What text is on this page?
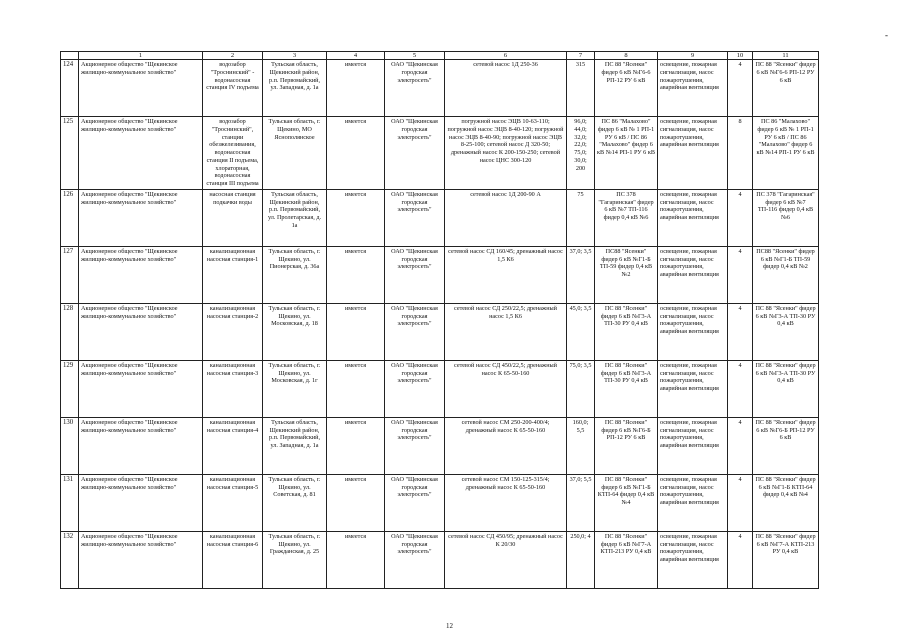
-
	1	2	3	4	5	6	7	8	9	10	11
124	Акционерное общество "Щекинское жилищно-коммунальное хозяйство"	водозабор "Троснинский" - водонасосная станция IV подъема	Тульская область, Щекинский район, р.п. Первомайский, ул. Западная, д. 1а	имеется	ОАО "Щекинская городская электросеть"	сетевой насос 1Д 250-36	315	ПС 88 "Ясенки" фидер 6 кВ №Г6-6 РП-12 РУ 6 кВ	освещение, пожарная сигнализация, насос пожаротушения, аварийная вентиляция	4	ПС 88 "Ясенки" фидер 6 кВ №Г6-6 РП-12 РУ 6 кВ
125	Акционерное общество "Щекинское жилищно-коммунальное хозяйство"	водозабор "Троснинский", станции обезжелезивания, водонасосная станция II подъема, хлораторная, водонасосная станция III подъема	Тульская область, г. Щекино, МО Яснополянское	имеется	ОАО "Щекинская городская электросеть"	погружной насос ЭЦВ 10-63-110; погружной насос ЭЦВ 8-40-120; погружной насос ЭЦВ 8-40-90; погружной насос ЭЦВ 8-25-100; сетевой насос Д 320-50; дренажный насос К 200-150-250; сетевой насос ЦНС 300-120	96,0; 44,0; 32,0; 22,0; 75,0; 30,0; 200	ПС 86 "Малахово" фидер 6 кВ № 1 РП-1 РУ 6 кВ / ПС 86 "Малахово" фидер 6 кВ №14 РП-1 РУ 6 кВ	освещение, пожарная сигнализация, насос пожаротушения, аварийная вентиляция	8	ПС 86 "Малахово" фидер 6 кВ № 1 РП-1 РУ 6 кВ / ПС 86 "Малахово" фидер 6 кВ №14 РП-1 РУ 6 кВ
126	Акционерное общество "Щекинское жилищно-коммунальное хозяйство"	насосная станция подкачки воды	Тульская область, Щекинский район, р.п. Первомайский, ул. Пролетарская, д. 1а	имеется	ОАО "Щекинская городская электросеть"	сетевой насос 1Д 200-90 А	75	ПС 378 "Гагаринская" фидер 6 кВ №7 ТП-116 фидер 0,4 кВ №6	освещение, пожарная сигнализация, насос пожаротушения, аварийная вентиляция	4	ПС 378 "Гагаринская" фидер 6 кВ №7 ТП-116 фидер 0,4 кВ №6
127	Акционерное общество "Щекинское жилищно-коммунальное хозяйство"	канализационная насосная станция-1	Тульская область, г. Щекино, ул. Пионерская, д. 36а	имеется	ОАО "Щекинская городская электросеть"	сетевой насос СД 160/45; дренажный насос 1,5 К6	37,0; 3,5	ПС88 "Ясенки" фидер 6 кВ №Г1-Б ТП-59 фидер 0,4 кВ №2	освещение, пожарная сигнализация, насос пожаротушения, аварийная вентиляция	4	ПС88 "Ясенки" фидер 6 кВ №Г1-Б ТП-59 фидер 0,4 кВ №2
128	Акционерное общество "Щекинское жилищно-коммунальное хозяйство"	канализационная насосная станция-2	Тульская область, г. Щекино, ул. Московская, д. 18	имеется	ОАО "Щекинская городская электросеть"	сетевой насос СД 250/22,5; дренажный насос 1,5 К6	45,0; 3,5	ПС 88 "Ясенки" фидер 6 кВ №Г3-А ТП-30 РУ 0,4 кВ	освещение, пожарная сигнализация, насос пожаротушения, аварийная вентиляция	4	ПС 88 "Ясенки" фидер 6 кВ №Г3-А ТП-30 РУ 0,4 кВ
129	Акционерное общество "Щекинское жилищно-коммунальное хозяйство"	канализационная насосная станция-3	Тульская область, г. Щекино, ул. Московская, д. 1г	имеется	ОАО "Щекинская городская электросеть"	сетевой насос СД 450/22,5; дренажный насос К 65-50-160	75,0; 3,5	ПС 88 "Ясенки" фидер 6 кВ №Г3-А ТП-30 РУ 0,4 кВ	освещение, пожарная сигнализация, насос пожаротушения, аварийная вентиляция	4	ПС 88 "Ясенки" фидер 6 кВ №Г3-А ТП-30 РУ 0,4 кВ
130	Акционерное общество "Щекинское жилищно-коммунальное хозяйство"	канализационная насосная станция-4	Тульская область, Щекинский район, р.п. Первомайский, ул. Западная, д. 1а	имеется	ОАО "Щекинская городская электросеть"	сетевой насос СМ 250-200-400/4; дренажный насос К 65-50-160	160,0; 5,5	ПС 88 "Ясенки" фидер 6 кВ №Г6-Б РП-12 РУ 6 кВ	освещение, пожарная сигнализация, насос пожаротушения, аварийная вентиляция	4	ПС 88 "Ясенки" фидер 6 кВ №Г6-Б РП-12 РУ 6 кВ
131	Акционерное общество "Щекинское жилищно-коммунальное хозяйство"	канализационная насосная станция-5	Тульская область, г. Щекино, ул. Советская, д. 81	имеется	ОАО "Щекинская городская электросеть"	сетевой насос СМ 150-125-315/4; дренажный насос К 65-50-160	37,0; 5,5	ПС 88 "Ясенки" фидер 6 кВ №Г1-Б КТП-64 фидер 0,4 кВ №4	освещение, пожарная сигнализация, насос пожаротушения, аварийная вентиляция	4	ПС 88 "Ясенки" фидер 6 кВ №Г1-Б КТП-64 фидер 0,4 кВ №4
132	Акционерное общество "Щекинское жилищно-коммунальное хозяйство"	канализационная насосная станция-6	Тульская область, г. Щекино, ул. Гражданская, д. 25	имеется	ОАО "Щекинская городская электросеть"	сетевой насос СД 450/95; дренажный насос К 20/30	250,0; 4	ПС 88 "Ясенки" фидер 6 кВ №Г7-А КТП-213 РУ 0,4 кВ	освещение, пожарная сигнализация, насос пожаротушения, аварийная вентиляция	4	ПС 88 "Ясенки" фидер 6 кВ №Г7-А КТП-213 РУ 0,4 кВ
12
